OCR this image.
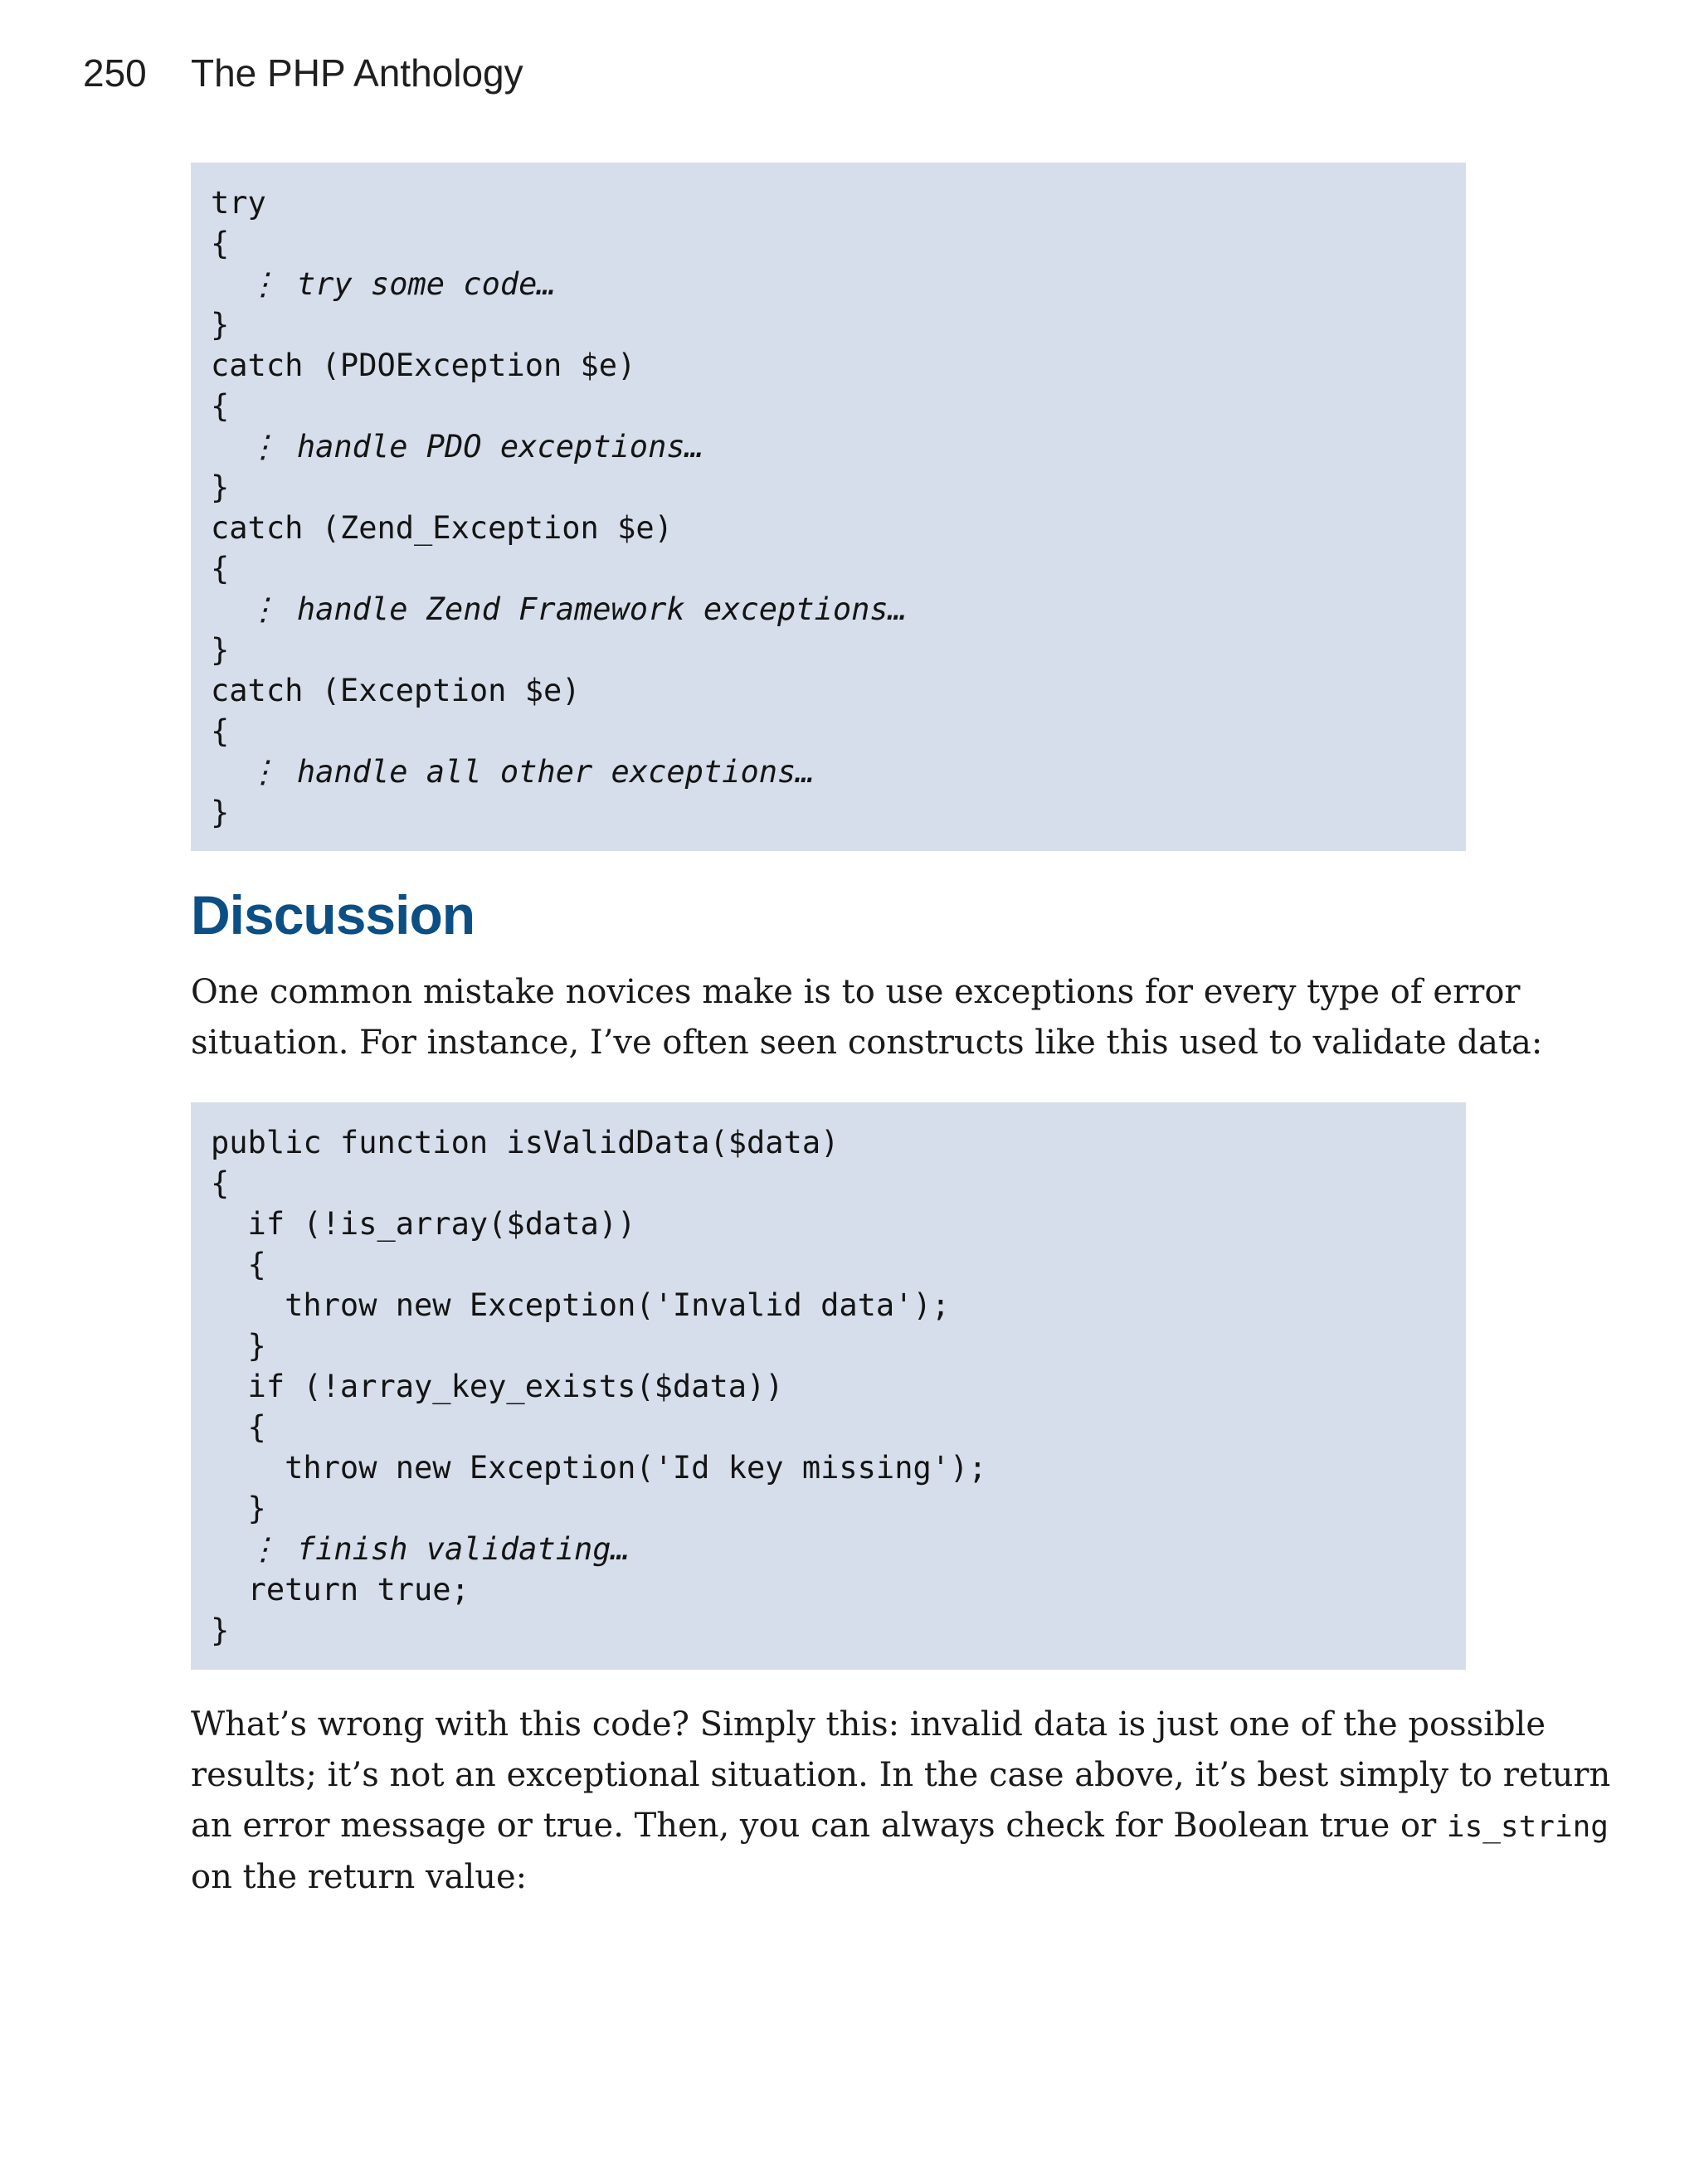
250 The PHP Anthology
try
{
⋮ try some code…
}
catch (PDOException $e)
{
⋮ handle PDO exceptions…
}
catch (Zend_Exception $e)
{
⋮ handle Zend Framework exceptions…
}
catch (Exception $e)
{
⋮ handle all other exceptions…
}
Discussion

One common mistake novices make is to use exceptions for every type of error
situation. For instance, I’ve often seen constructs like this used to validate data:

public function isValidData($data)
{
if (!is_array($data))
{
throw new Exception('Invalid data');
}
if (!array_key_exists($data))
{
throw new Exception('Id key missing');
}
⋮ finish validating…
return true;
}

What’s wrong with this code? Simply this: invalid data is just one of the possible
results; it’s not an exceptional situation. In the case above, it’s best simply to return
an error message or true. Then, you can always check for Boolean true or is_string
on the return value:
